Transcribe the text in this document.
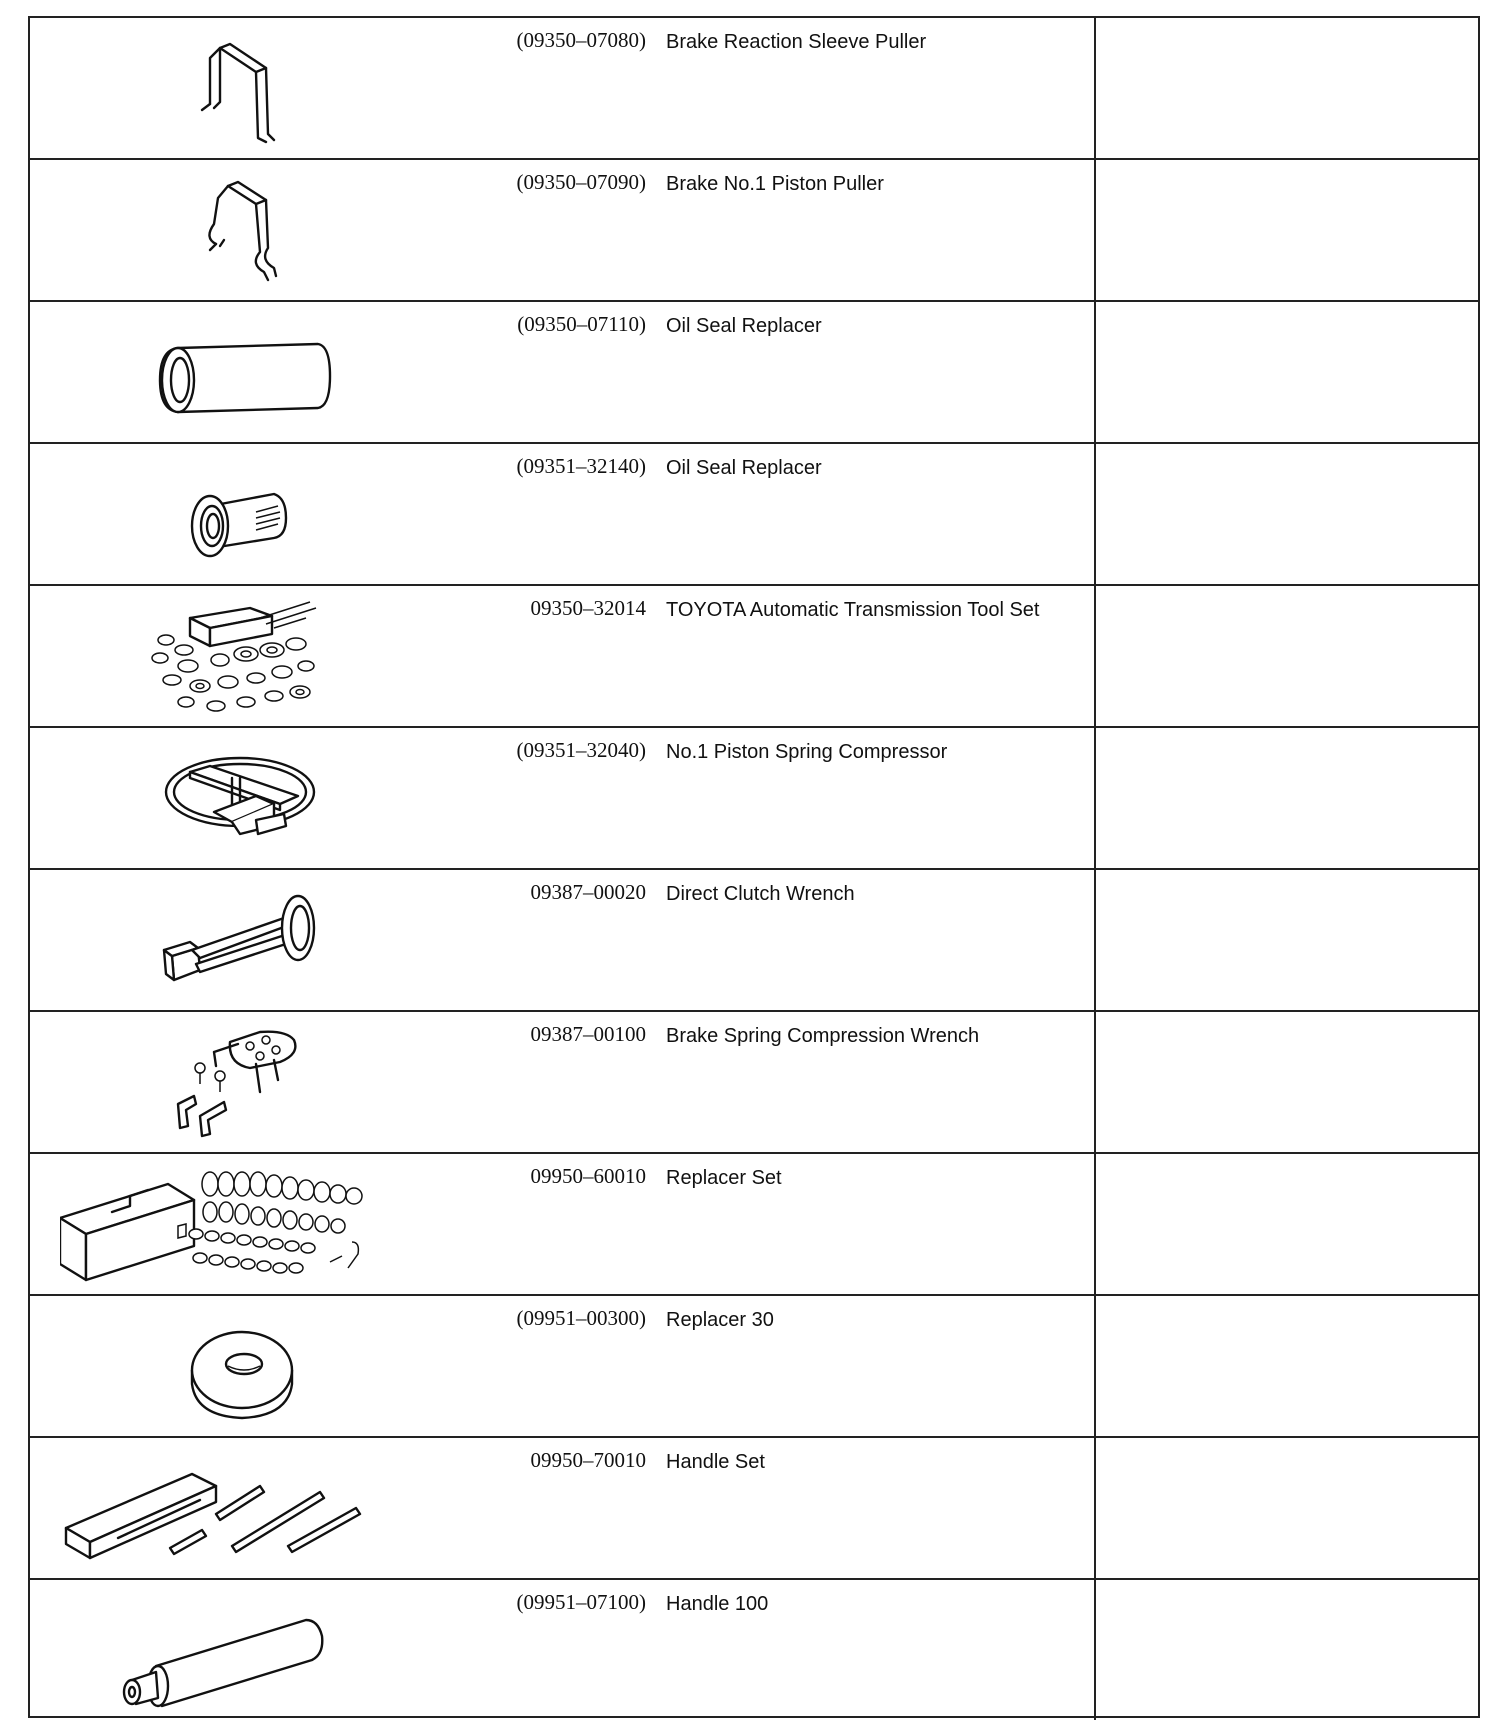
(09350–07080) Brake Reaction Sleeve Puller
(09350–07090) Brake No.1 Piston Puller
(09350–07110) Oil Seal Replacer
(09351–32140) Oil Seal Replacer
09350–32014 TOYOTA Automatic Transmission Tool Set
(09351–32040) No.1 Piston Spring Compressor
09387–00020 Direct Clutch Wrench
09387–00100 Brake Spring Compression Wrench
09950–60010 Replacer Set
(09951–00300) Replacer 30
09950–70010 Handle Set
(09951–07100) Handle 100
